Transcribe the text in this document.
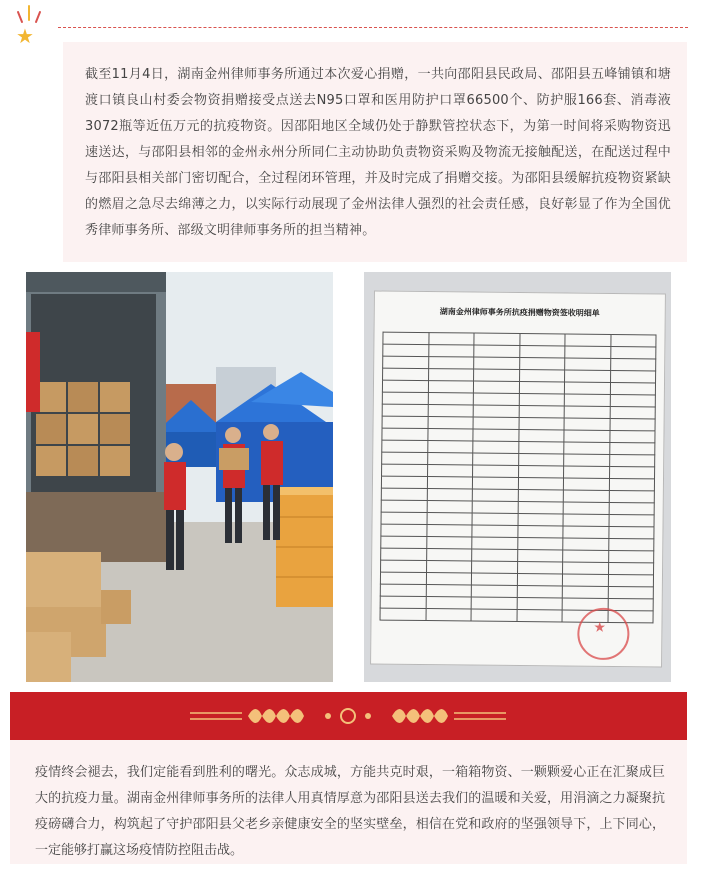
★
截至11月4日，湖南金州律师事务所通过本次爱心捐赠，一共向邵阳县民政局、邵阳县五峰铺镇和塘渡口镇良山村委会物资捐赠接受点送去N95口罩和医用防护口罩66500个、防护服166套、消毒液3072瓶等近伍万元的抗疫物资。因邵阳地区全域仍处于静默管控状态下，为第一时间将采购物资迅速送达，与邵阳县相邻的金州永州分所同仁主动协助负责物资采购及物流无接触配送，在配送过程中与邵阳县相关部门密切配合，全过程闭环管理，并及时完成了捐赠交接。为邵阳县缓解抗疫物资紧缺的燃眉之急尽去绵薄之力，以实际行动展现了金州法律人强烈的社会责任感，良好彰显了作为全国优秀律师事务所、部级文明律师事务所的担当精神。
湖南金州律师事务所抗疫捐赠物资签收明细单

★
疫情终会褪去，我们定能看到胜利的曙光。众志成城，方能共克时艰，一箱箱物资、一颗颗爱心正在汇聚成巨大的抗疫力量。湖南金州律师事务所的法律人用真情厚意为邵阳县送去我们的温暖和关爱，用涓滴之力凝聚抗疫磅礴合力，构筑起了守护邵阳县父老乡亲健康安全的坚实壁垒，相信在党和政府的坚强领导下，上下同心，一定能够打赢这场疫情防控阻击战。
